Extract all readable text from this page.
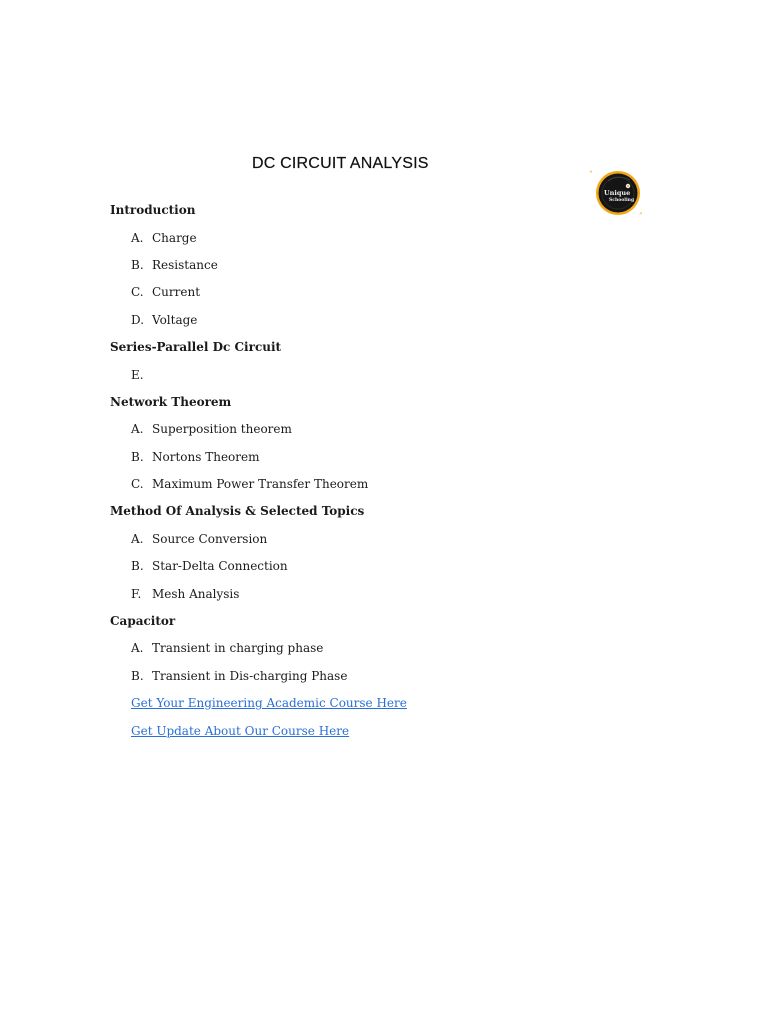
DC CIRCUIT ANALYSIS
“
”
Unique
Schooling
Introduction
A. Charge
B. Resistance
C. Current
D. Voltage
Series-Parallel Dc Circuit
E.
Network Theorem
A. Superposition theorem
B. Nortons Theorem
C. Maximum Power Transfer Theorem
Method Of Analysis & Selected Topics
A. Source Conversion
B. Star-Delta Connection
F. Mesh Analysis
Capacitor
A. Transient in charging phase
B. Transient in Dis-charging Phase
Get Your Engineering Academic Course Here
Get Update About Our Course Here
